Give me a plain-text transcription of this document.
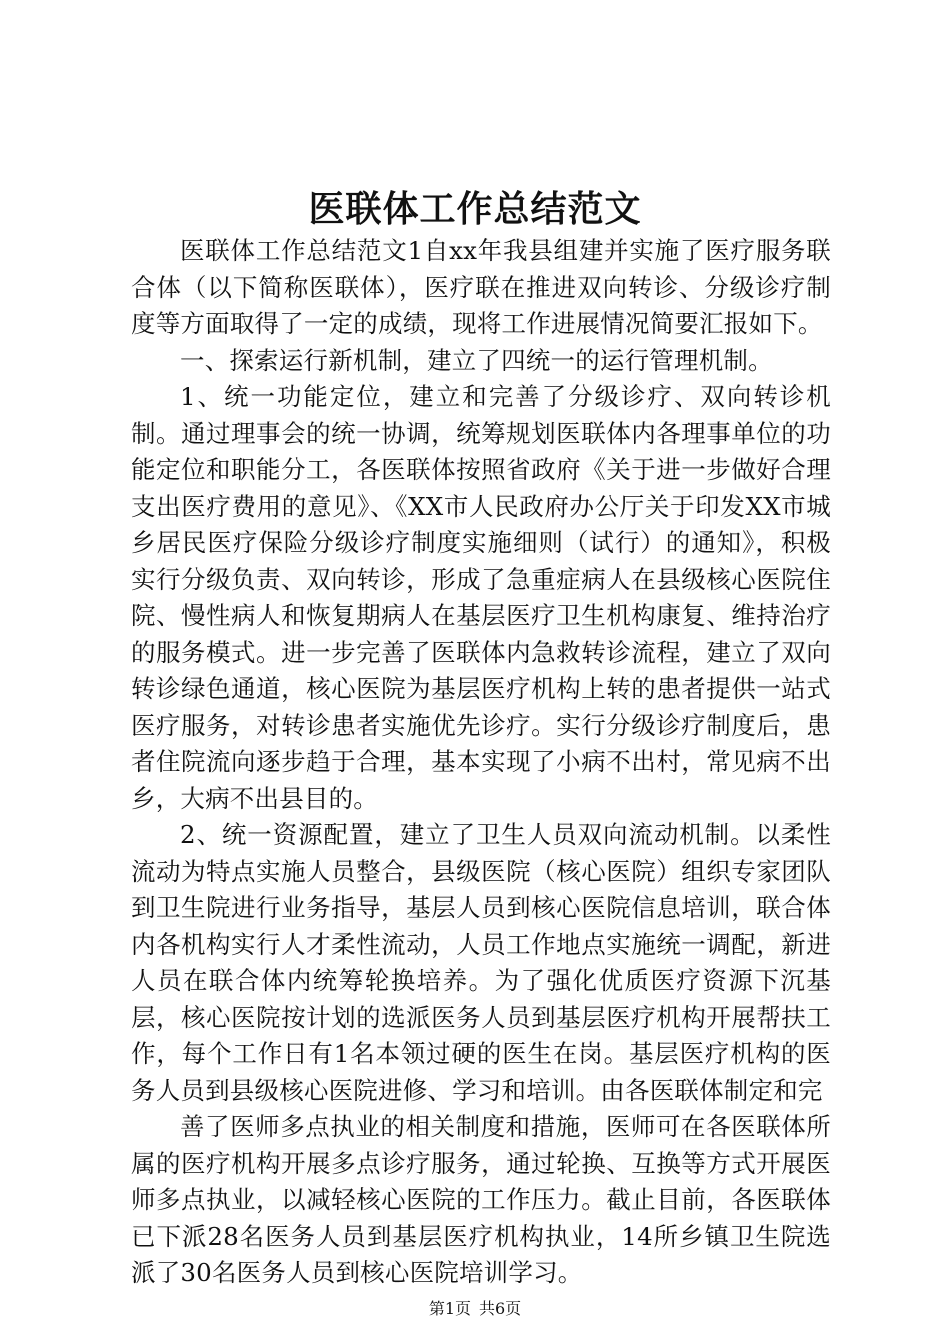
医联体工作总结范文

医联体工作总结范文1自xx年我县组建并实施了医疗服务联合体（以下简称医联体），医疗联在推进双向转诊、分级诊疗制度等方面取得了一定的成绩，现将工作进展情况简要汇报如下。

一、探索运行新机制，建立了四统一的运行管理机制。

1、统一功能定位，建立和完善了分级诊疗、双向转诊机制。通过理事会的统一协调，统筹规划医联体内各理事单位的功能定位和职能分工，各医联体按照省政府《关于进一步做好合理支出医疗费用的意见》、《XX市人民政府办公厅关于印发XX市城乡居民医疗保险分级诊疗制度实施细则（试行）的通知》，积极实行分级负责、双向转诊，形成了急重症病人在县级核心医院住院、慢性病人和恢复期病人在基层医疗卫生机构康复、维持治疗的服务模式。进一步完善了医联体内急救转诊流程，建立了双向转诊绿色通道，核心医院为基层医疗机构上转的患者提供一站式医疗服务，对转诊患者实施优先诊疗。实行分级诊疗制度后，患者住院流向逐步趋于合理，基本实现了小病不出村，常见病不出乡，大病不出县目的。

2、统一资源配置，建立了卫生人员双向流动机制。以柔性流动为特点实施人员整合，县级医院（核心医院）组织专家团队到卫生院进行业务指导，基层人员到核心医院信息培训，联合体内各机构实行人才柔性流动，人员工作地点实施统一调配，新进人员在联合体内统筹轮换培养。为了强化优质医疗资源下沉基层，核心医院按计划的选派医务人员到基层医疗机构开展帮扶工作，每个工作日有1名本领过硬的医生在岗。基层医疗机构的医务人员到县级核心医院进修、学习和培训。由各医联体制定和完

善了医师多点执业的相关制度和措施，医师可在各医联体所属的医疗机构开展多点诊疗服务，通过轮换、互换等方式开展医师多点执业，以减轻核心医院的工作压力。截止目前，各医联体已下派28名医务人员到基层医疗机构执业，14所乡镇卫生院选派了30名医务人员到核心医院培训学习。

第1页 共6页
